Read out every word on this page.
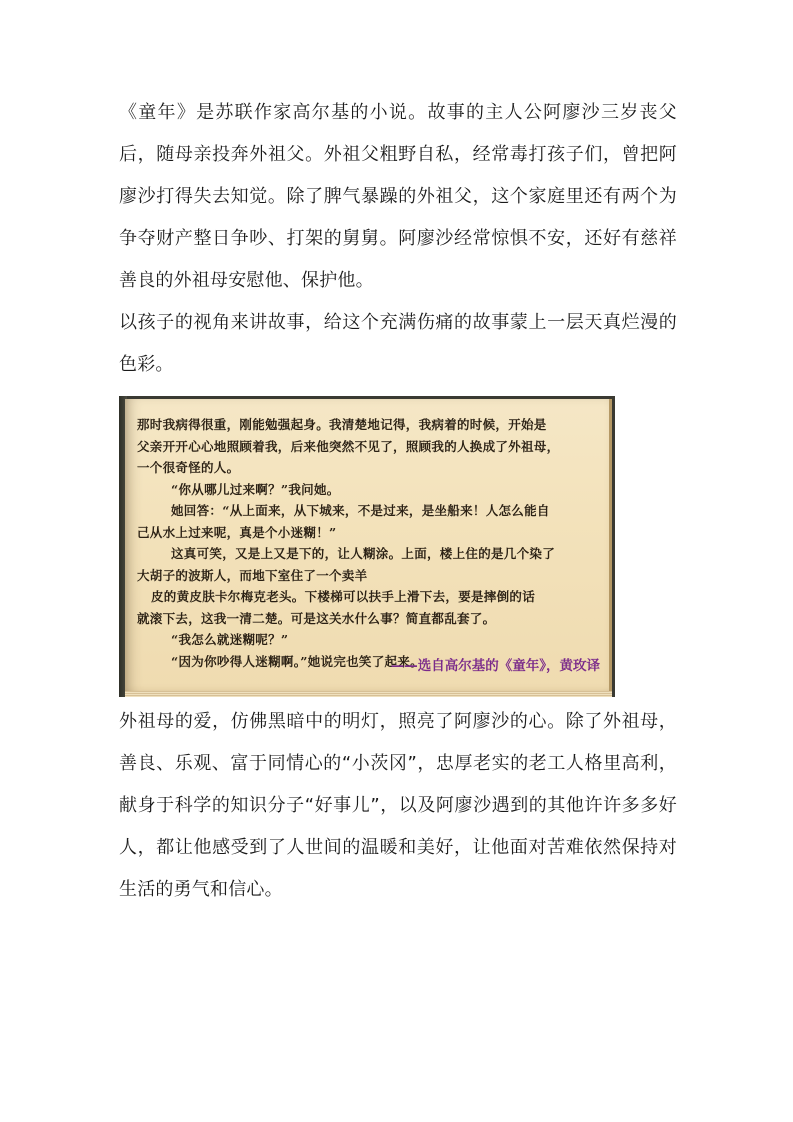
《童年》是苏联作家高尔基的小说。故事的主人公阿廖沙三岁丧父后，随母亲投奔外祖父。外祖父粗野自私，经常毒打孩子们，曾把阿廖沙打得失去知觉。除了脾气暴躁的外祖父，这个家庭里还有两个为争夺财产整日争吵、打架的舅舅。阿廖沙经常惊惧不安，还好有慈祥善良的外祖母安慰他、保护他。

以孩子的视角来讲故事，给这个充满伤痛的故事蒙上一层天真烂漫的色彩。

那时我病得很重，刚能勉强起身。我清楚地记得，我病着的时候，开始是
父亲开开心心地照顾着我，后来他突然不见了，照顾我的人换成了外祖母，
一个很奇怪的人。
“你从哪儿过来啊？”我问她。
她回答：“从上面来，从下城来，不是过来，是坐船来！人怎么能自
己从水上过来呢，真是个小迷糊！”
这真可笑，又是上又是下的，让人糊涂。上面，楼上住的是几个染了
大胡子的波斯人，而地下室住了一个卖羊
皮的黄皮肤卡尔梅克老头。下楼梯可以扶手上滑下去，要是摔倒的话
就滚下去，这我一清二楚。可是这关水什么事？简直都乱套了。
“我怎么就迷糊呢？”
“因为你吵得人迷糊啊。”她说完也笑了起来。
——选自高尔基的《童年》，黄玫译

外祖母的爱，仿佛黑暗中的明灯，照亮了阿廖沙的心。除了外祖母，善良、乐观、富于同情心的“小茨冈”，忠厚老实的老工人格里高利，献身于科学的知识分子“好事儿”，以及阿廖沙遇到的其他许许多多好人，都让他感受到了人世间的温暖和美好，让他面对苦难依然保持对生活的勇气和信心。
